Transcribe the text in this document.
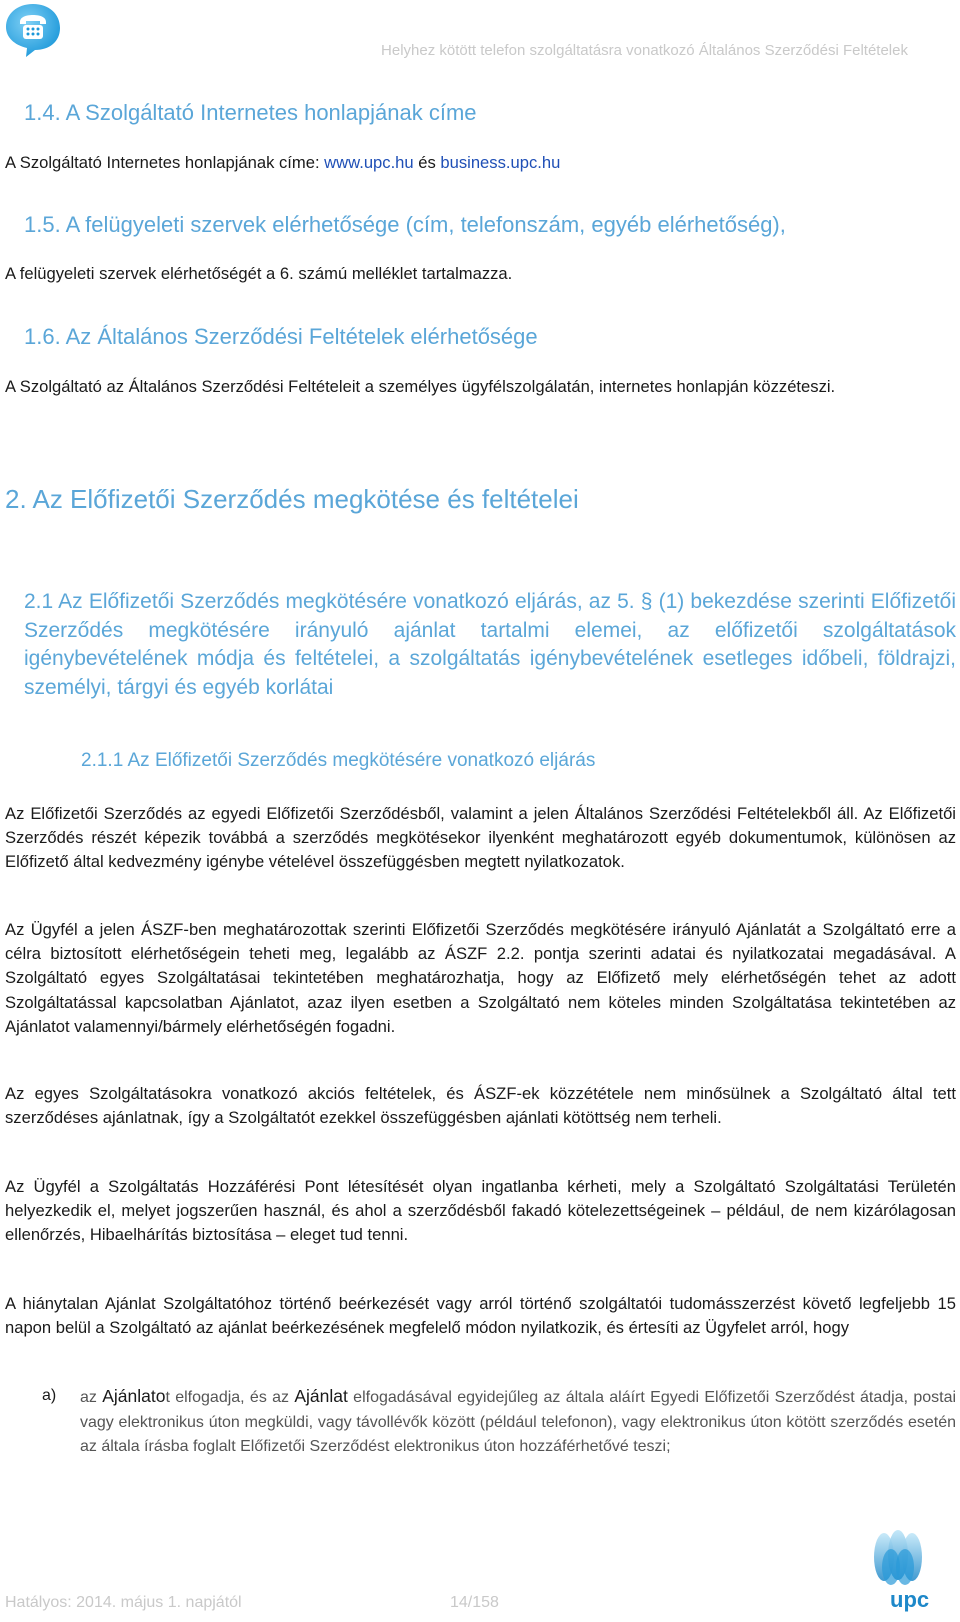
Helyhez kötött telefon szolgáltatásra vonatkozó Általános Szerződési Feltételek
1.4. A Szolgáltató Internetes honlapjának címe
A Szolgáltató Internetes honlapjának címe: www.upc.hu és business.upc.hu
1.5. A felügyeleti szervek elérhetősége (cím, telefonszám, egyéb elérhetőség),
A felügyeleti szervek elérhetőségét a 6. számú melléklet tartalmazza.
1.6. Az Általános Szerződési Feltételek elérhetősége
A Szolgáltató az Általános Szerződési Feltételeit a személyes ügyfélszolgálatán, internetes honlapján közzéteszi.
2. Az Előfizetői Szerződés megkötése és feltételei
2.1 Az Előfizetői Szerződés megkötésére vonatkozó eljárás, az 5. § (1) bekezdése szerinti Előfizetői Szerződés megkötésére irányuló ajánlat tartalmi elemei, az előfizetői szolgáltatások igénybevételének módja és feltételei, a szolgáltatás igénybevételének esetleges időbeli, földrajzi, személyi, tárgyi és egyéb korlátai
2.1.1 Az Előfizetői Szerződés megkötésére vonatkozó eljárás
Az Előfizetői Szerződés az egyedi Előfizetői Szerződésből, valamint a jelen Általános Szerződési Feltételekből áll. Az Előfizetői Szerződés részét képezik továbbá a szerződés megkötésekor ilyenként meghatározott egyéb dokumentumok, különösen az Előfizető által kedvezmény igénybe vételével összefüggésben megtett nyilatkozatok.
Az Ügyfél a jelen ÁSZF-ben meghatározottak szerinti Előfizetői Szerződés megkötésére irányuló Ajánlatát a Szolgáltató erre a célra biztosított elérhetőségein teheti meg, legalább az ÁSZF 2.2. pontja szerinti adatai és nyilatkozatai megadásával. A Szolgáltató egyes Szolgáltatásai tekintetében meghatározhatja, hogy az Előfizető mely elérhetőségén tehet az adott Szolgáltatással kapcsolatban Ajánlatot, azaz ilyen esetben a Szolgáltató nem köteles minden Szolgáltatása tekintetében az Ajánlatot valamennyi/bármely elérhetőségén fogadni.
Az egyes Szolgáltatásokra vonatkozó akciós feltételek, és ÁSZF-ek közzététele nem minősülnek a Szolgáltató által tett szerződéses ajánlatnak, így a Szolgáltatót ezekkel összefüggésben ajánlati kötöttség nem terheli.
Az Ügyfél a Szolgáltatás Hozzáférési Pont létesítését olyan ingatlanba kérheti, mely a Szolgáltató Szolgáltatási Területén helyezkedik el, melyet jogszerűen használ, és ahol a szerződésből fakadó kötelezettségeinek – például, de nem kizárólagosan ellenőrzés, Hibaelhárítás biztosítása – eleget tud tenni.
A hiánytalan Ajánlat Szolgáltatóhoz történő beérkezését vagy arról történő szolgáltatói tudomásszerzést követő legfeljebb 15 napon belül a Szolgáltató az ajánlat beérkezésének megfelelő módon nyilatkozik, és értesíti az Ügyfelet arról, hogy
a) az Ajánlatot elfogadja, és az Ajánlat elfogadásával egyidejűleg az általa aláírt Egyedi Előfizetői Szerződést átadja, postai vagy elektronikus úton megküldi, vagy távollévők között (például telefonon), vagy elektronikus úton kötött szerződés esetén az általa írásba foglalt Előfizetői Szerződést elektronikus úton hozzáférhetővé teszi;
Hatályos: 2014. május 1. napjától	14/158	upc
